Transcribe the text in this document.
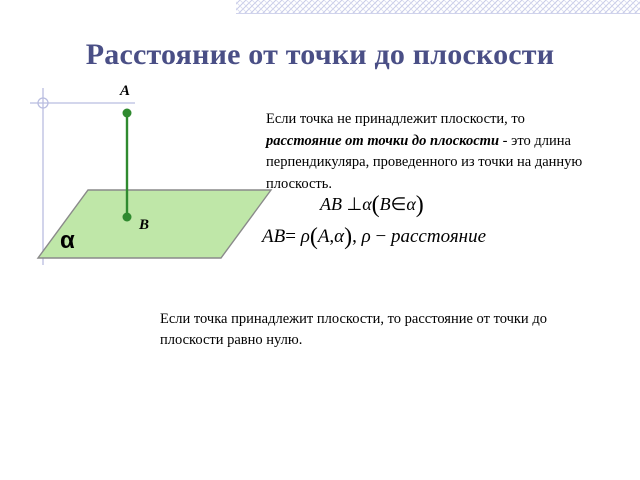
Расстояние от точки до плоскости
A
B
α
Если точка не принадлежит плоскости, то расстояние от точки до плоскости - это длина перпендикуляра, проведенного из точки на данную плоскость.
AB ⊥α(B∈α)
AB= ρ(A,α), ρ − расстояние
Если точка принадлежит плоскости, то расстояние от точки до плоскости равно нулю.
